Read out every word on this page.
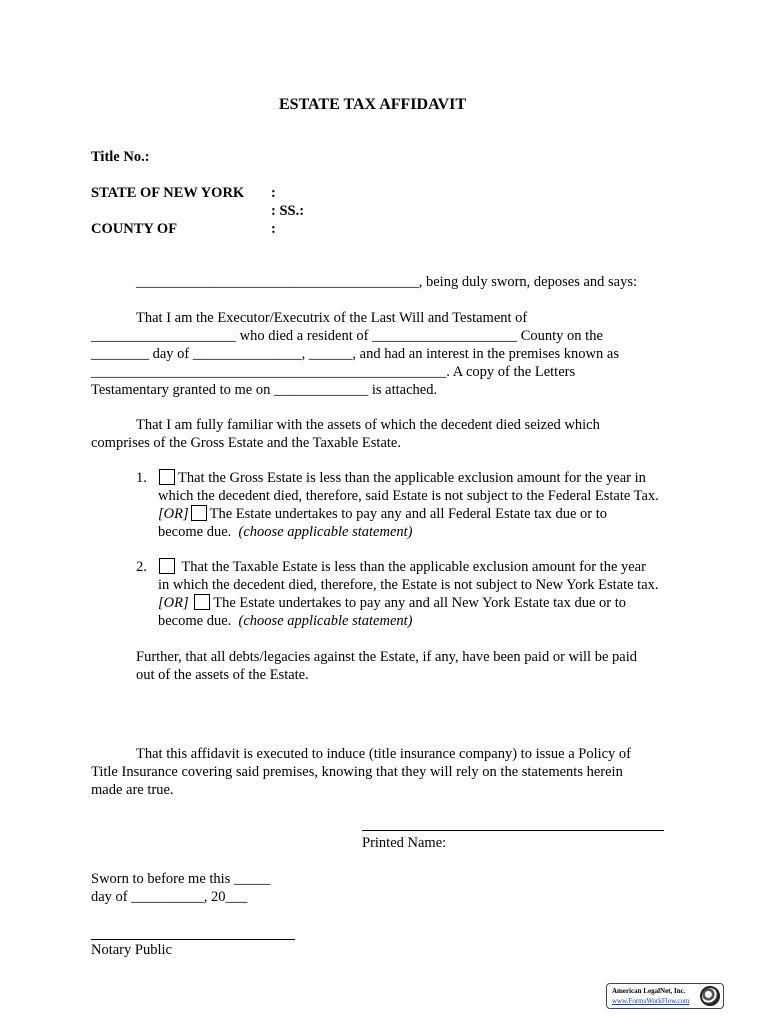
ESTATE TAX AFFIDAVIT
Title No.:
STATE OF NEW YORK :
: SS.:
COUNTY OF	:
_______________________________________, being duly sworn, deposes and says:
That I am the Executor/Executrix of the Last Will and Testament of
____________________ who died a resident of ____________________ County on the
________ day of _______________, ______, and had an interest in the premises known as
_________________________________________________. A copy of the Letters
Testamentary granted to me on _____________ is attached.
That I am fully familiar with the assets of which the decedent died seized which
comprises of the Gross Estate and the Taxable Estate.
1.	That the Gross Estate is less than the applicable exclusion amount for the year in
which the decedent died, therefore, said Estate is not subject to the Federal Estate Tax.
[OR] The Estate undertakes to pay any and all Federal Estate tax due or to
become due. (choose applicable statement)
2.	That the Taxable Estate is less than the applicable exclusion amount for the year
in which the decedent died, therefore, the Estate is not subject to New York Estate tax.
[OR] The Estate undertakes to pay any and all New York Estate tax due or to
become due. (choose applicable statement)
Further, that all debts/legacies against the Estate, if any, have been paid or will be paid
out of the assets of the Estate.
That this affidavit is executed to induce (title insurance company) to issue a Policy of
Title Insurance covering said premises, knowing that they will rely on the statements herein
made are true.
Printed Name:
Sworn to before me this _____
day of __________, 20___
Notary Public
American LegalNet, Inc.
www.FormsWorkFlow.com
